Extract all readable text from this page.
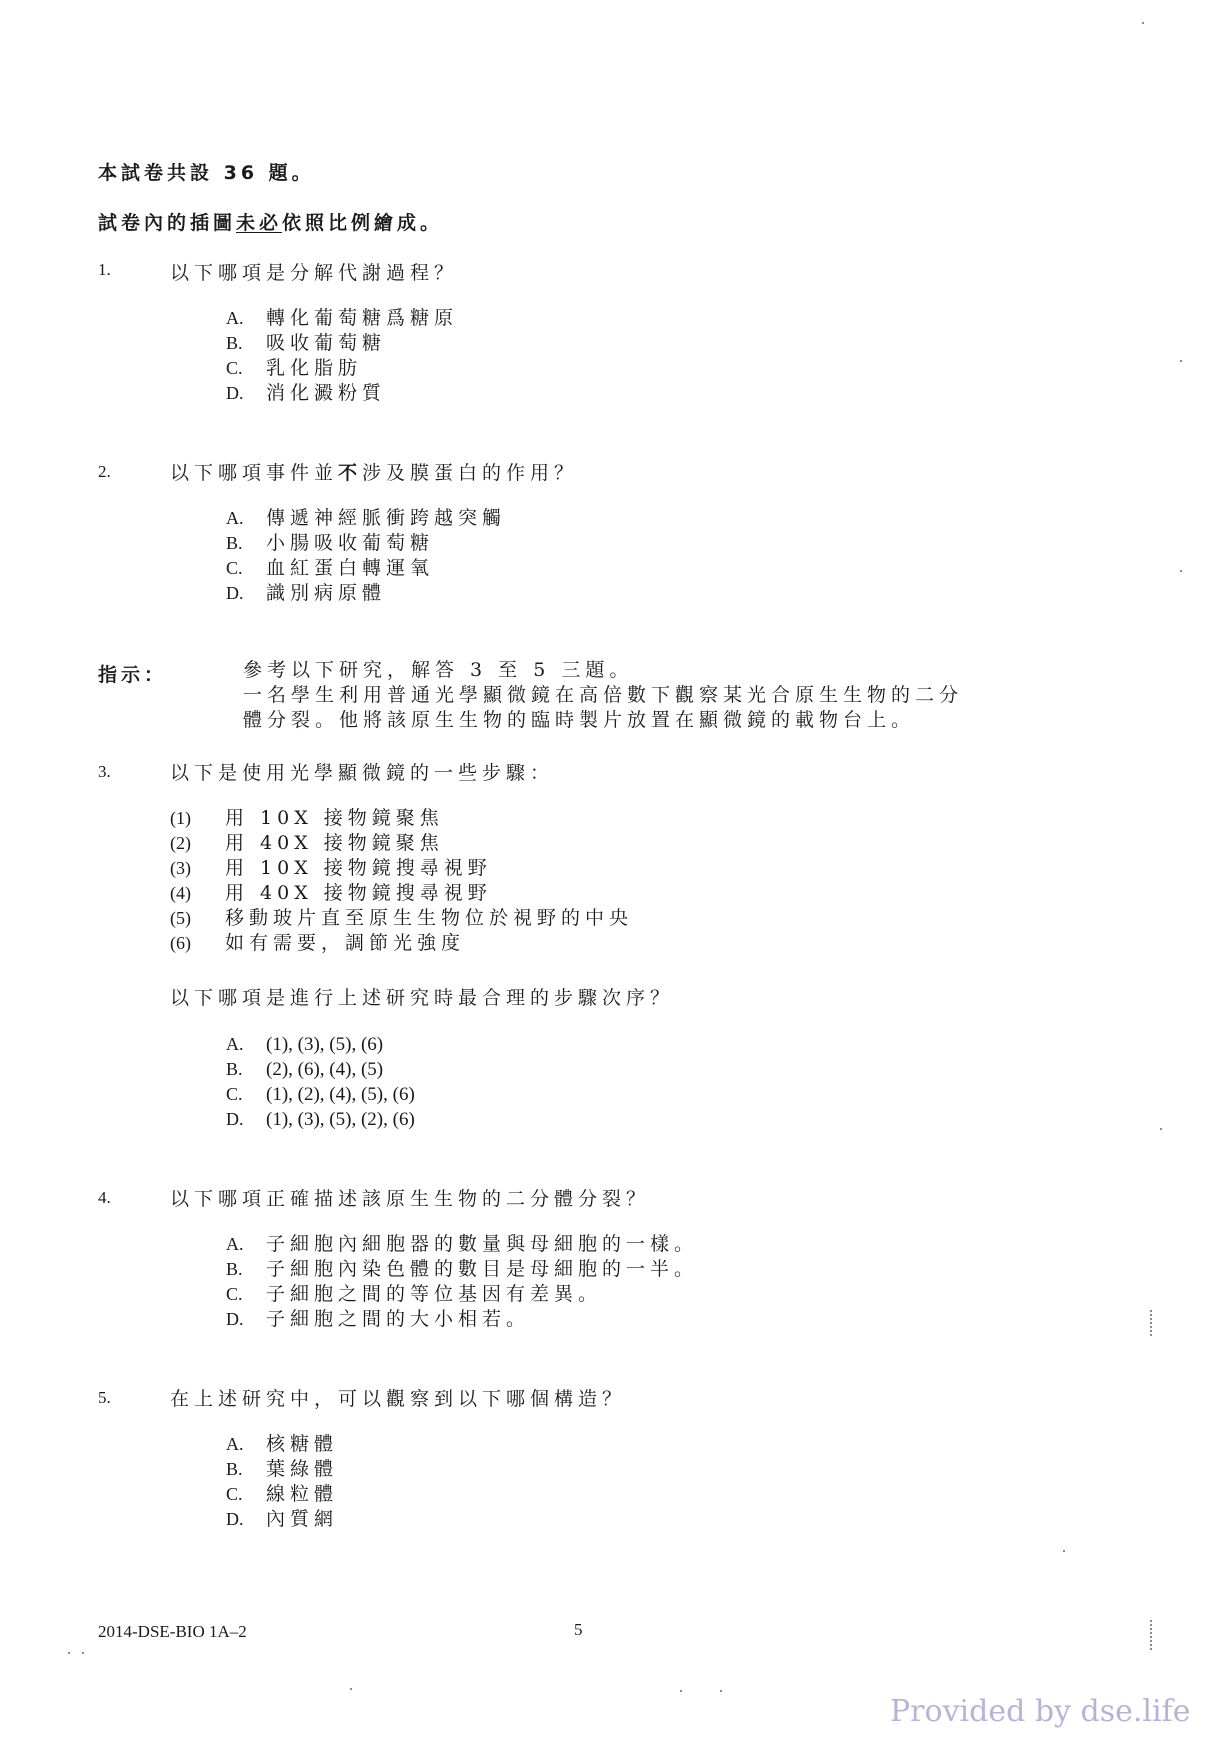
本試卷共設 36 題。
試卷內的插圖未必依照比例繪成。
1.	以下哪項是分解代謝過程？
A. 轉化葡萄糖爲糖原
B. 吸收葡萄糖
C. 乳化脂肪
D. 消化澱粉質
2.	以下哪項事件並不涉及膜蛋白的作用？
A. 傳遞神經脈衝跨越突觸
B. 小腸吸收葡萄糖
C. 血紅蛋白轉運氧
D. 識別病原體
指示：	參考以下研究，解答 3 至 5 三題。
一名學生利用普通光學顯微鏡在高倍數下觀察某光合原生生物的二分
體分裂。他將該原生生物的臨時製片放置在顯微鏡的載物台上。
3.	以下是使用光學顯微鏡的一些步驟：
(1) 用 10X 接物鏡聚焦
(2) 用 40X 接物鏡聚焦
(3) 用 10X 接物鏡搜尋視野
(4) 用 40X 接物鏡搜尋視野
(5) 移動玻片直至原生生物位於視野的中央
(6) 如有需要，調節光強度
以下哪項是進行上述研究時最合理的步驟次序？
A. (1), (3), (5), (6)
B. (2), (6), (4), (5)
C. (1), (2), (4), (5), (6)
D. (1), (3), (5), (2), (6)
4.	以下哪項正確描述該原生生物的二分體分裂？
A. 子細胞內細胞器的數量與母細胞的一樣。
B. 子細胞內染色體的數目是母細胞的一半。
C. 子細胞之間的等位基因有差異。
D. 子細胞之間的大小相若。
5.	在上述研究中，可以觀察到以下哪個構造？
A. 核糖體
B. 葉綠體
C. 線粒體
D. 內質網
2014-DSE-BIO 1A–2	5
Provided by dse.life
